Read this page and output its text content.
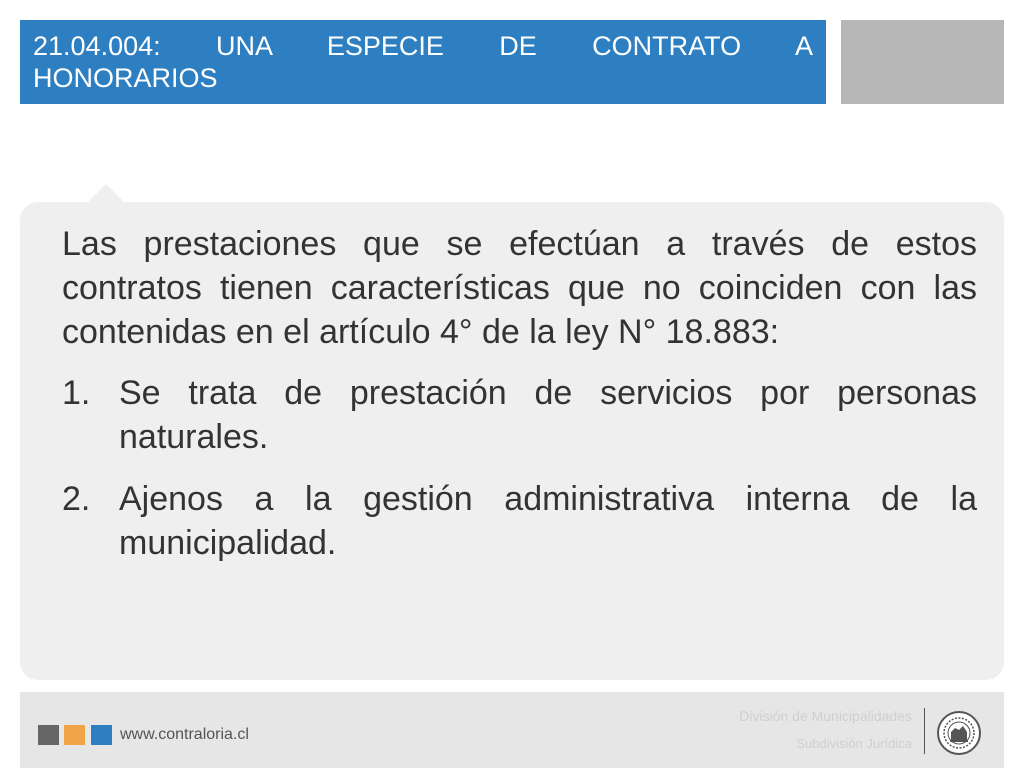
21.04.004: UNA ESPECIE DE CONTRATO A
HONORARIOS

Las prestaciones que se efectúan a través de estos contratos tienen características que no coinciden con las contenidas en el artículo 4° de la ley N° 18.883:

1. Se trata de prestación de servicios por personas naturales.
2. Ajenos a la gestión administrativa interna de la municipalidad.
www.contraloria.cl
División de Municipalidades
Subdivisión Jurídica
